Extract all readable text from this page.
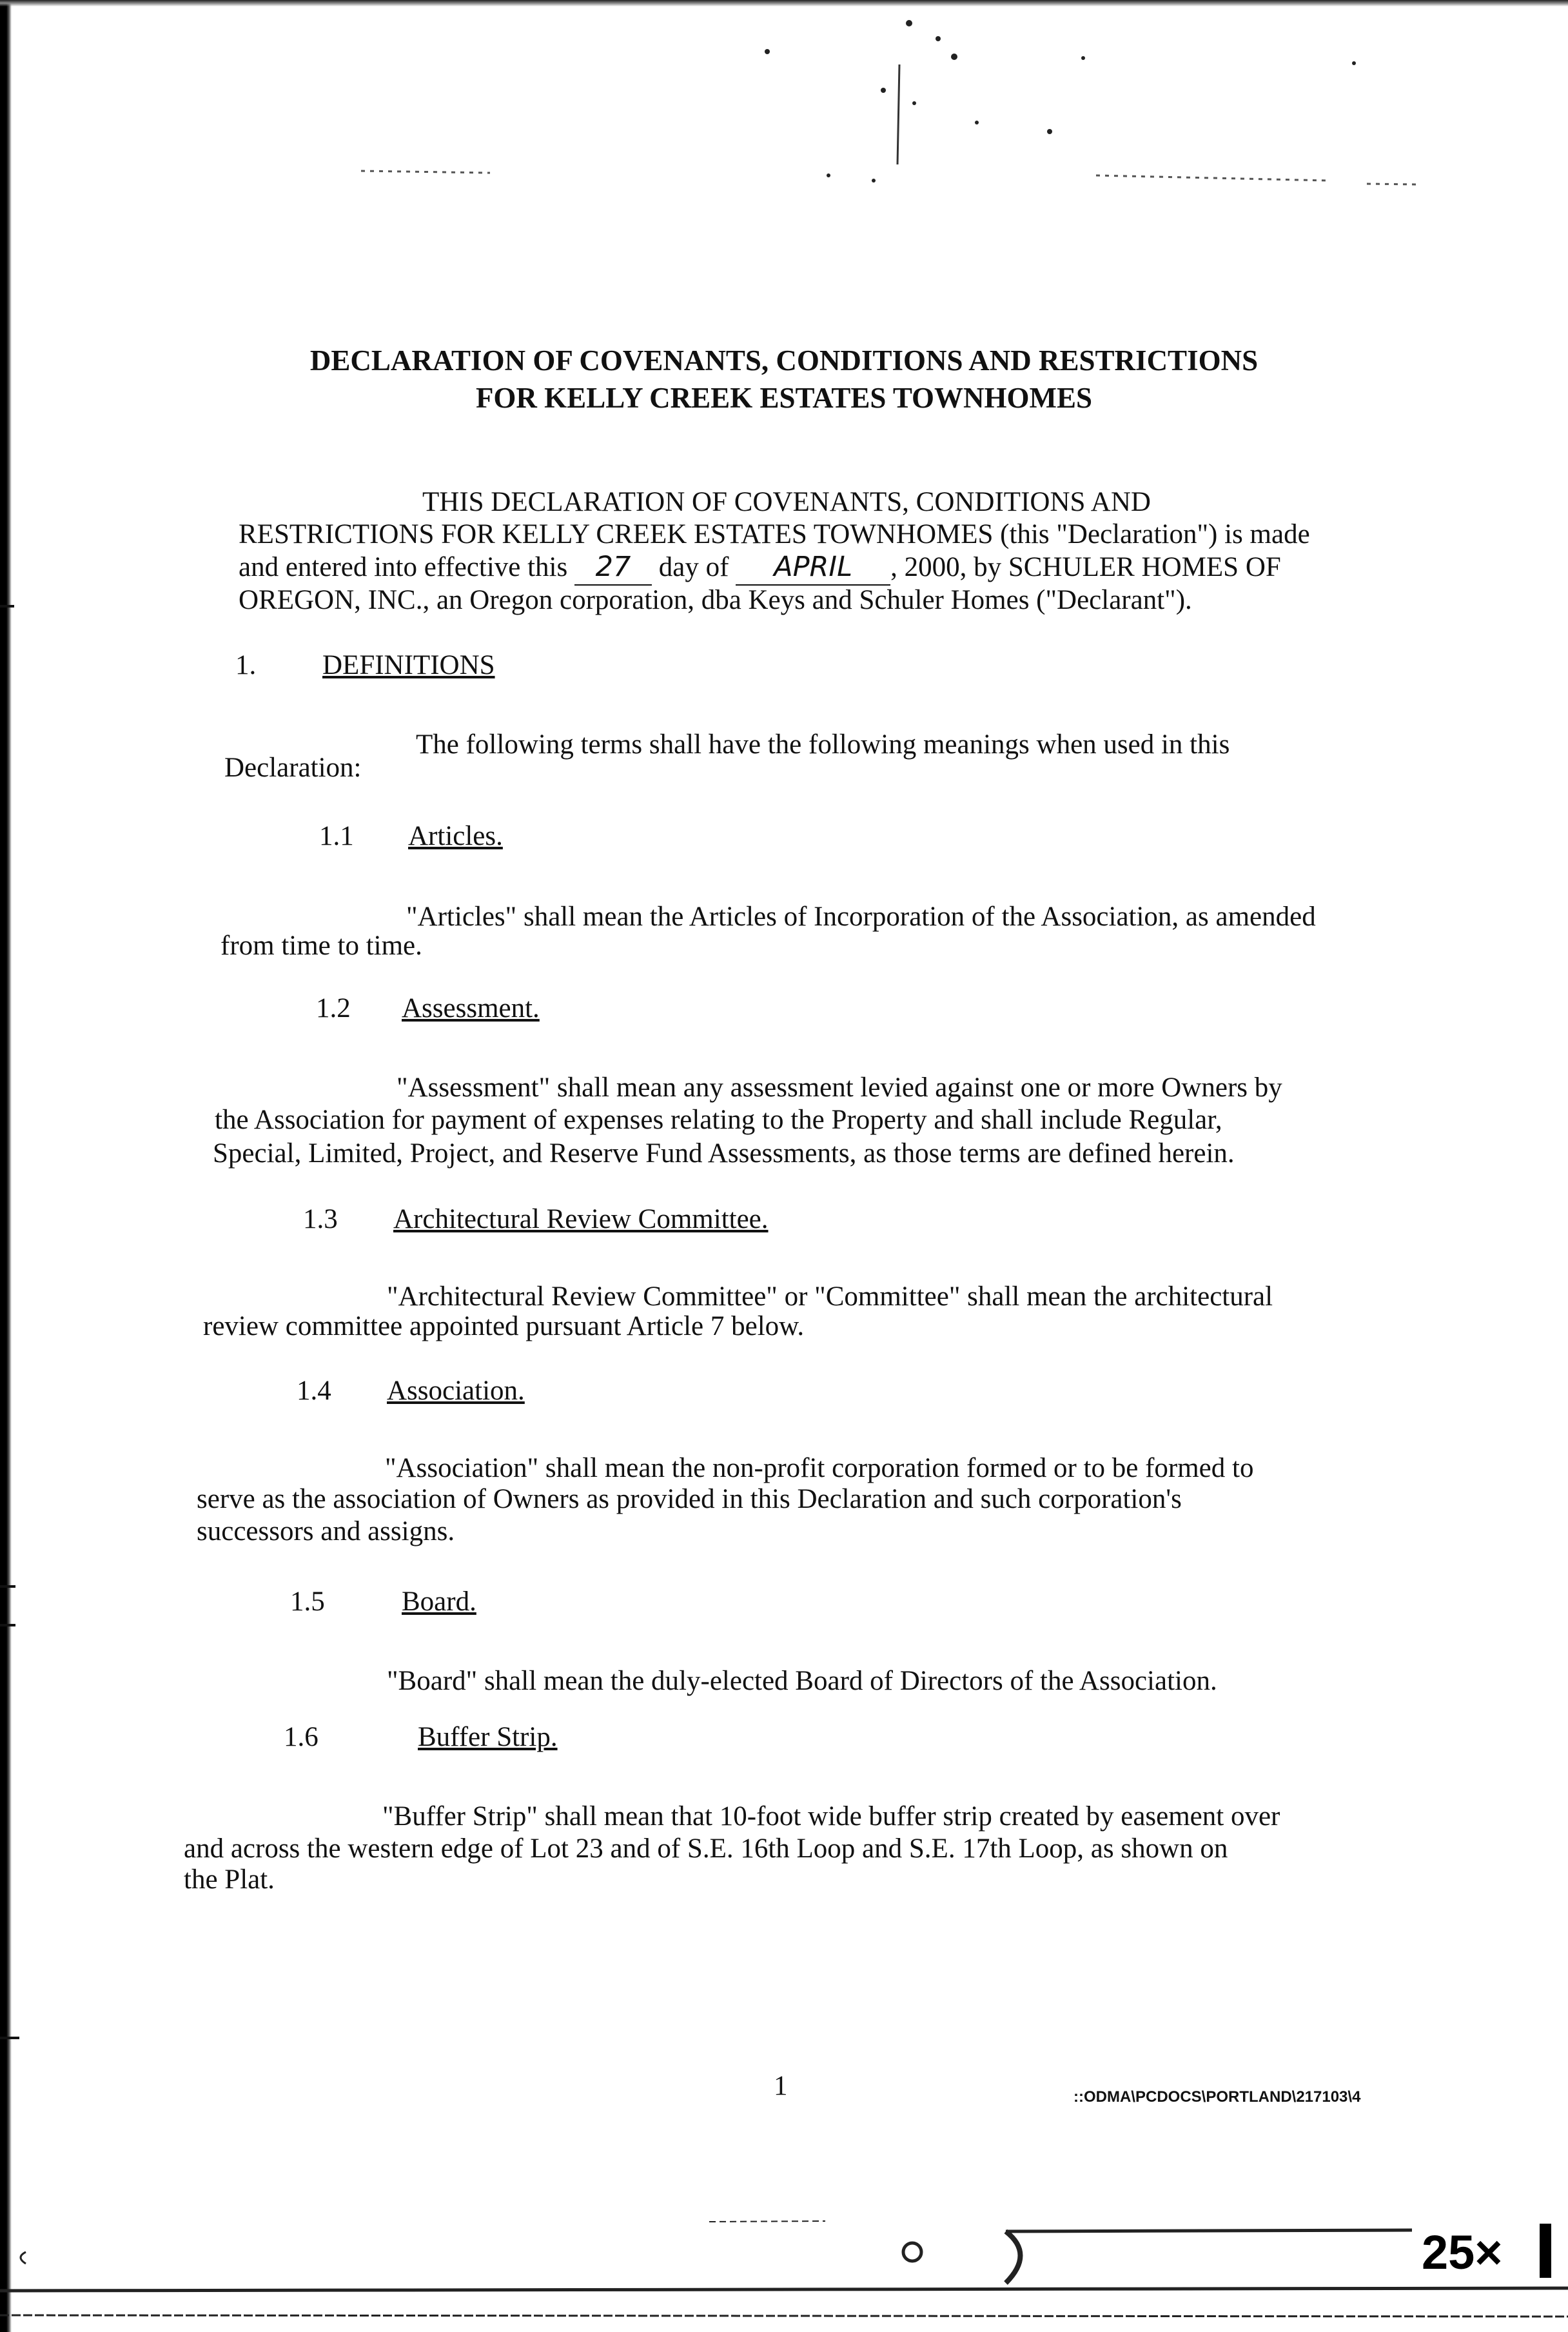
DECLARATION OF COVENANTS, CONDITIONS AND RESTRICTIONS
FOR KELLY CREEK ESTATES TOWNHOMES
THIS DECLARATION OF COVENANTS, CONDITIONS AND
RESTRICTIONS FOR KELLY CREEK ESTATES TOWNHOMES (this "Declaration") is made
and entered into effective this 27 day of APRIL , 2000, by SCHULER HOMES OF
OREGON, INC., an Oregon corporation, dba Keys and Schuler Homes ("Declarant").
1. DEFINITIONS
The following terms shall have the following meanings when used in this
Declaration:
1.1 Articles.
"Articles" shall mean the Articles of Incorporation of the Association, as amended
from time to time.
1.2 Assessment.
"Assessment" shall mean any assessment levied against one or more Owners by
the Association for payment of expenses relating to the Property and shall include Regular,
Special, Limited, Project, and Reserve Fund Assessments, as those terms are defined herein.
1.3 Architectural Review Committee.
"Architectural Review Committee" or "Committee" shall mean the architectural
review committee appointed pursuant Article 7 below.
1.4 Association.
"Association" shall mean the non-profit corporation formed or to be formed to
serve as the association of Owners as provided in this Declaration and such corporation's
successors and assigns.
1.5	Board.
"Board" shall mean the duly-elected Board of Directors of the Association.
1.6	Buffer Strip.
"Buffer Strip" shall mean that 10-foot wide buffer strip created by easement over
and across the western edge of Lot 23 and of S.E. 16th Loop and S.E. 17th Loop, as shown on
the Plat.
1	::ODMA\PCDOCS\PORTLAND\217103\4
25×
